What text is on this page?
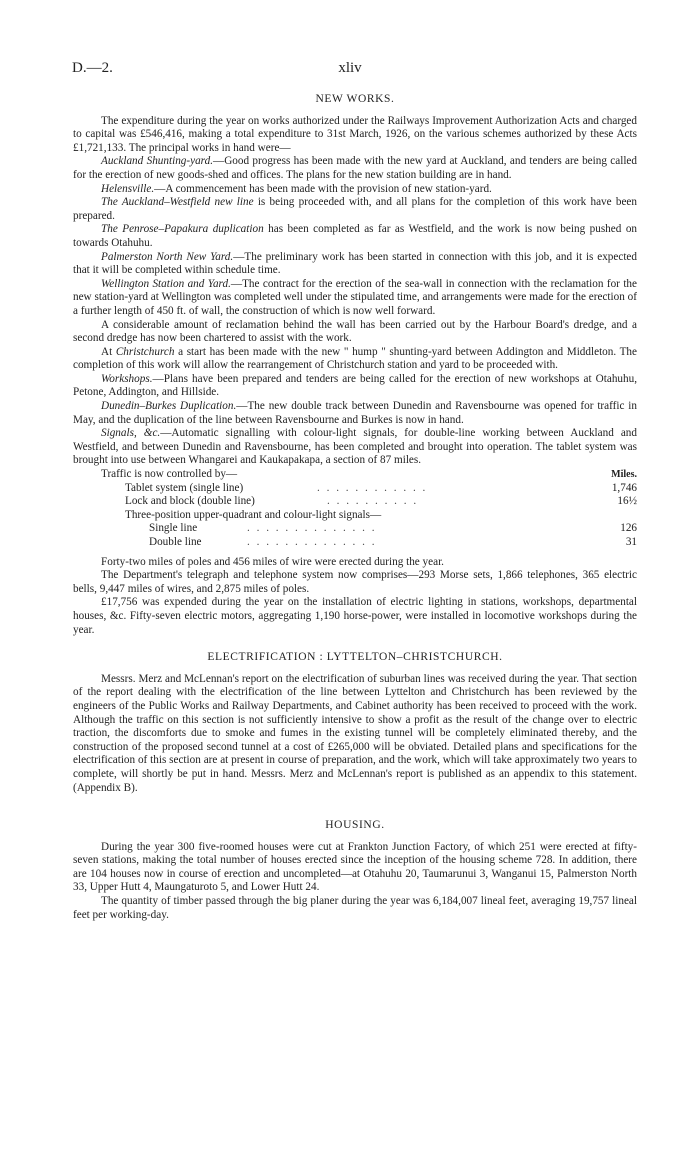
D.—2.	xliv
NEW WORKS.

The expenditure during the year on works authorized under the Railways Improvement Authorization Acts and charged to capital was £546,416, making a total expenditure to 31st March, 1926, on the various schemes authorized by these Acts £1,721,133. The principal works in hand were—

Auckland Shunting-yard.—Good progress has been made with the new yard at Auckland, and tenders are being called for the erection of new goods-shed and offices. The plans for the new station building are in hand.

Helensville.—A commencement has been made with the provision of new station-yard.

The Auckland–Westfield new line is being proceeded with, and all plans for the completion of this work have been prepared.

The Penrose–Papakura duplication has been completed as far as Westfield, and the work is now being pushed on towards Otahuhu.

Palmerston North New Yard.—The preliminary work has been started in connection with this job, and it is expected that it will be completed within schedule time.

Wellington Station and Yard.—The contract for the erection of the sea-wall in connection with the reclamation for the new station-yard at Wellington was completed well under the stipulated time, and arrangements were made for the erection of a further length of 450 ft. of wall, the construction of which is now well forward.

A considerable amount of reclamation behind the wall has been carried out by the Harbour Board's dredge, and a second dredge has now been chartered to assist with the work.

At Christchurch a start has been made with the new " hump " shunting-yard between Addington and Middleton. The completion of this work will allow the rearrangement of Christchurch station and yard to be proceeded with.

Workshops.—Plans have been prepared and tenders are being called for the erection of new workshops at Otahuhu, Petone, Addington, and Hillside.

Dunedin–Burkes Duplication.—The new double track between Dunedin and Ravensbourne was opened for traffic in May, and the duplication of the line between Ravensbourne and Burkes is now in hand.

Signals, &c.—Automatic signalling with colour-light signals, for double-line working between Auckland and Westfield, and between Dunedin and Ravensbourne, has been completed and brought into operation. The tablet system was brought into use between Whangarei and Kaukapakapa, a section of 87 miles.

Traffic is now controlled by—	Miles.
Tablet system (single line)	. . . . . . . . . . . .	1,746
Lock and block (double line)	. . . . . . . . . .	16½
Three-position upper-quadrant and colour-light signals—
Single line	. . . . . . . . . . . . . .	126
Double line	. . . . . . . . . . . . . .	31

Forty-two miles of poles and 456 miles of wire were erected during the year.

The Department's telegraph and telephone system now comprises—293 Morse sets, 1,866 telephones, 365 electric bells, 9,447 miles of wires, and 2,875 miles of poles.

£17,756 was expended during the year on the installation of electric lighting in stations, workshops, departmental houses, &c. Fifty-seven electric motors, aggregating 1,190 horse-power, were installed in locomotive workshops during the year.

ELECTRIFICATION : LYTTELTON–CHRISTCHURCH.

Messrs. Merz and McLennan's report on the electrification of suburban lines was received during the year. That section of the report dealing with the electrification of the line between Lyttelton and Christchurch has been reviewed by the engineers of the Public Works and Railway Departments, and Cabinet authority has been received to proceed with the work. Although the traffic on this section is not sufficiently intensive to show a profit as the result of the change over to electric traction, the discomforts due to smoke and fumes in the existing tunnel will be completely eliminated thereby, and the construction of the proposed second tunnel at a cost of £265,000 will be obviated. Detailed plans and specifications for the electrification of this section are at present in course of preparation, and the work, which will take approximately two years to complete, will shortly be put in hand. Messrs. Merz and McLennan's report is published as an appendix to this statement. (Appendix B).

HOUSING.

During the year 300 five-roomed houses were cut at Frankton Junction Factory, of which 251 were erected at fifty-seven stations, making the total number of houses erected since the inception of the housing scheme 728. In addition, there are 104 houses now in course of erection and uncompleted—at Otahuhu 20, Taumarunui 3, Wanganui 15, Palmerston North 33, Upper Hutt 4, Maungaturoto 5, and Lower Hutt 24.

The quantity of timber passed through the big planer during the year was 6,184,007 lineal feet, averaging 19,757 lineal feet per working-day.
